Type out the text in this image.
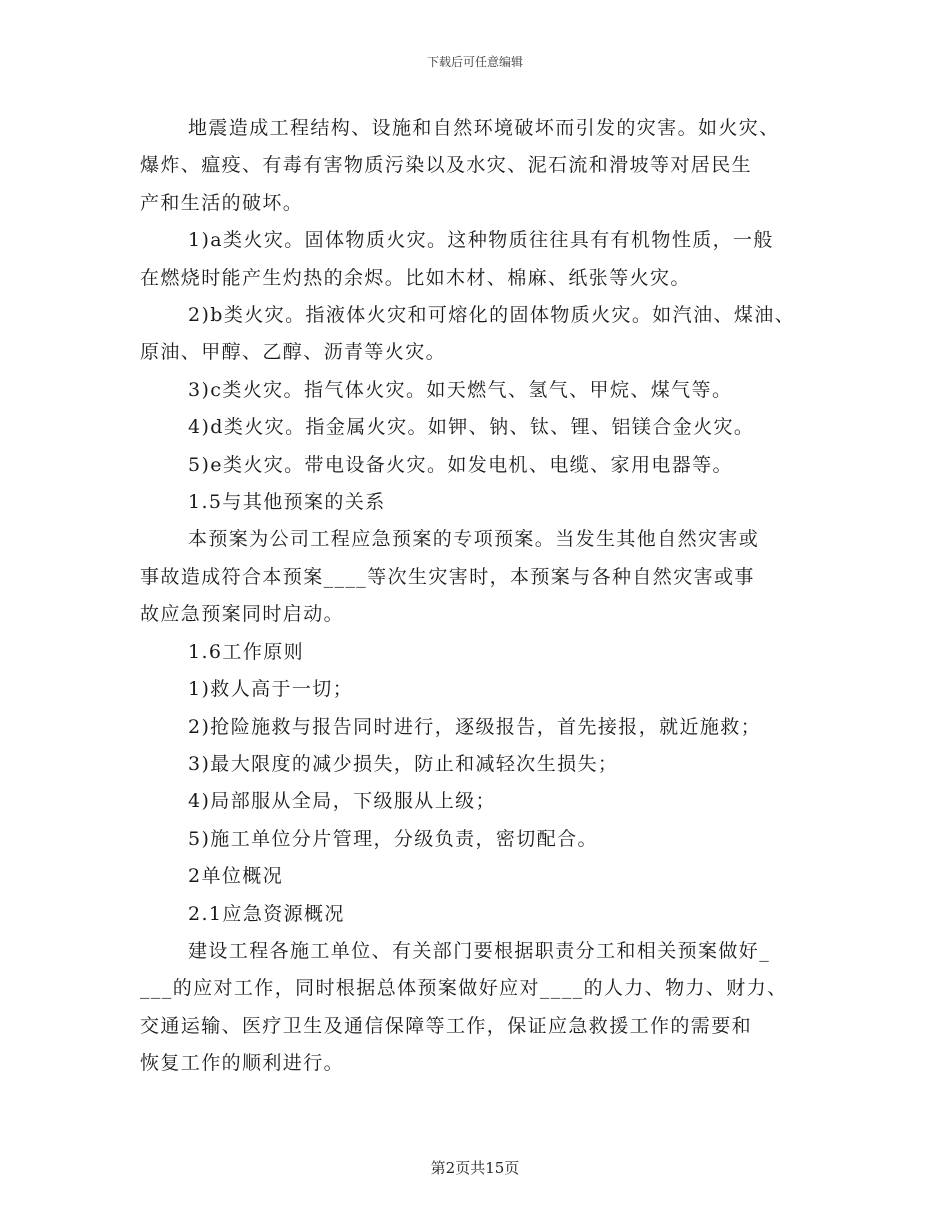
下载后可任意编辑
地震造成工程结构、设施和自然环境破坏而引发的灾害。如火灾、
爆炸、瘟疫、有毒有害物质污染以及水灾、泥石流和滑坡等对居民生
产和生活的破坏。
1)a类火灾。固体物质火灾。这种物质往往具有有机物性质，一般
在燃烧时能产生灼热的余烬。比如木材、棉麻、纸张等火灾。
2)b类火灾。指液体火灾和可熔化的固体物质火灾。如汽油、煤油、
原油、甲醇、乙醇、沥青等火灾。
3)c类火灾。指气体火灾。如天燃气、氢气、甲烷、煤气等。
4)d类火灾。指金属火灾。如钾、钠、钛、锂、铝镁合金火灾。
5)e类火灾。带电设备火灾。如发电机、电缆、家用电器等。
1.5与其他预案的关系
本预案为公司工程应急预案的专项预案。当发生其他自然灾害或
事故造成符合本预案____等次生灾害时，本预案与各种自然灾害或事
故应急预案同时启动。
1.6工作原则
1)救人高于一切；
2)抢险施救与报告同时进行，逐级报告，首先接报，就近施救；
3)最大限度的减少损失，防止和减轻次生损失；
4)局部服从全局，下级服从上级；
5)施工单位分片管理，分级负责，密切配合。
2单位概况
2.1应急资源概况
建设工程各施工单位、有关部门要根据职责分工和相关预案做好_
___的应对工作，同时根据总体预案做好应对____的人力、物力、财力、
交通运输、医疗卫生及通信保障等工作，保证应急救援工作的需要和
恢复工作的顺利进行。
第2页共15页
